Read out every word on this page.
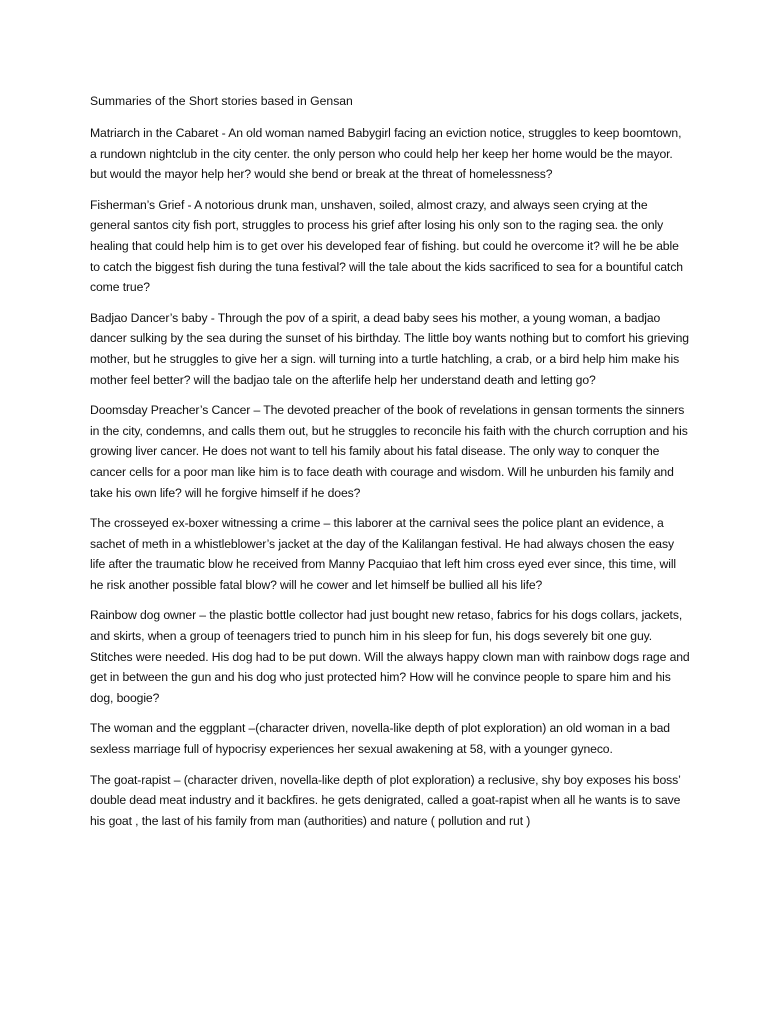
Summaries of the Short stories based in Gensan

Matriarch in the Cabaret - An old woman named Babygirl facing an eviction notice, struggles to keep boomtown, a rundown nightclub in the city center. the only person who could help her keep her home would be the mayor. but would the mayor help her? would she bend or break at the threat of homelessness?

Fisherman’s Grief - A notorious drunk man, unshaven, soiled, almost crazy, and always seen crying at the general santos city fish port, struggles to process his grief after losing his only son to the raging sea. the only healing that could help him is to get over his developed fear of fishing. but could he overcome it? will he be able to catch the biggest fish during the tuna festival? will the tale about the kids sacrificed to sea for a bountiful catch come true?

Badjao Dancer’s baby - Through the pov of a spirit, a dead baby sees his mother, a young woman, a badjao dancer sulking by the sea during the sunset of his birthday. The little boy wants nothing but to comfort his grieving mother, but he struggles to give her a sign. will turning into a turtle hatchling, a crab, or a bird help him make his mother feel better? will the badjao tale on the afterlife help her understand death and letting go?

Doomsday Preacher’s Cancer – The devoted preacher of the book of revelations in gensan torments the sinners in the city, condemns, and calls them out, but he struggles to reconcile his faith with the church corruption and his growing liver cancer. He does not want to tell his family about his fatal disease. The only way to conquer the cancer cells for a poor man like him is to face death with courage and wisdom. Will he unburden his family and take his own life? will he forgive himself if he does?

The crosseyed ex-boxer witnessing a crime – this laborer at the carnival sees the police plant an evidence, a sachet of meth in a whistleblower’s jacket at the day of the Kalilangan festival. He had always chosen the easy life after the traumatic blow he received from Manny Pacquiao that left him cross eyed ever since, this time, will he risk another possible fatal blow? will he cower and let himself be bullied all his life?

Rainbow dog owner – the plastic bottle collector had just bought new retaso, fabrics for his dogs collars, jackets, and skirts, when a group of teenagers tried to punch him in his sleep for fun, his dogs severely bit one guy. Stitches were needed. His dog had to be put down. Will the always happy clown man with rainbow dogs rage and get in between the gun and his dog who just protected him? How will he convince people to spare him and his dog, boogie?

The woman and the eggplant –(character driven, novella-like depth of plot exploration) an old woman in a bad sexless marriage full of hypocrisy experiences her sexual awakening at 58, with a younger gyneco.

The goat-rapist – (character driven, novella-like depth of plot exploration) a reclusive, shy boy exposes his boss’ double dead meat industry and it backfires. he gets denigrated, called a goat-rapist when all he wants is to save his goat , the last of his family from man (authorities) and nature ( pollution and rut )
